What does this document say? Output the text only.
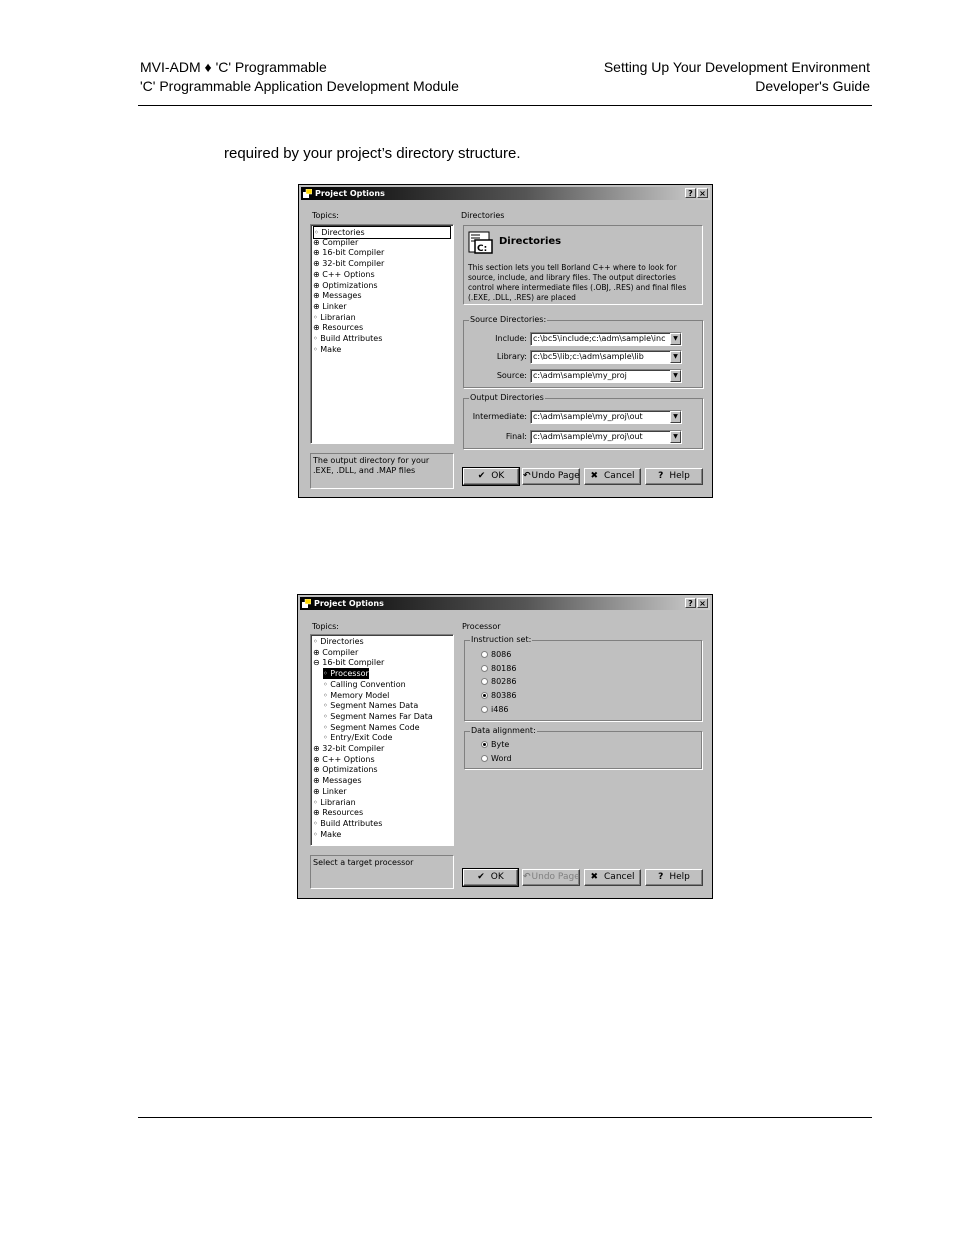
MVI-ADM ♦ 'C' Programmable
'C' Programmable Application Development Module
Setting Up Your Development Environment
Developer's Guide
required by your project’s directory structure.
Project Options	? ×
Topics:
◦ Directories
⊕ Compiler
⊕ 16-bit Compiler
⊕ 32-bit Compiler
⊕ C++ Options
⊕ Optimizations
⊕ Messages
⊕ Linker
◦ Librarian
⊕ Resources
◦ Build Attributes
◦ Make
The output directory for your .EXE, .DLL, and .MAP files
Directories
C:
Directories
This section lets you tell Borland C++ where to look for source, include, and library files. The output directories control where intermediate files (.OBJ, .RES) and final files (.EXE, .DLL, .RES) are placed
Source Directories:
Include: c:\bc5\include;c:\adm\sample\inc	▼
Library: c:\bc5\lib;c:\adm\sample\lib	▼
Source: c:\adm\sample\my_proj	▼
Output Directories
Intermediate: c:\adm\sample\my_proj\out	▼
Final: c:\adm\sample\my_proj\out	▼
✔ OK	↶Undo Page	✖ Cancel	? Help
Project Options	? ×
Topics:
◦ Directories
⊕ Compiler
⊖ 16-bit Compiler
◦ Processor
◦ Calling Convention
◦ Memory Model
◦ Segment Names Data
◦ Segment Names Far Data
◦ Segment Names Code
◦ Entry/Exit Code
⊕ 32-bit Compiler
⊕ C++ Options
⊕ Optimizations
⊕ Messages
⊕ Linker
◦ Librarian
⊕ Resources
◦ Build Attributes
◦ Make
Select a target processor
Processor
Instruction set:
8086
80186
80286
80386
i486
Data alignment:
Byte
Word
✔ OK	↶Undo Page	✖ Cancel	? Help
